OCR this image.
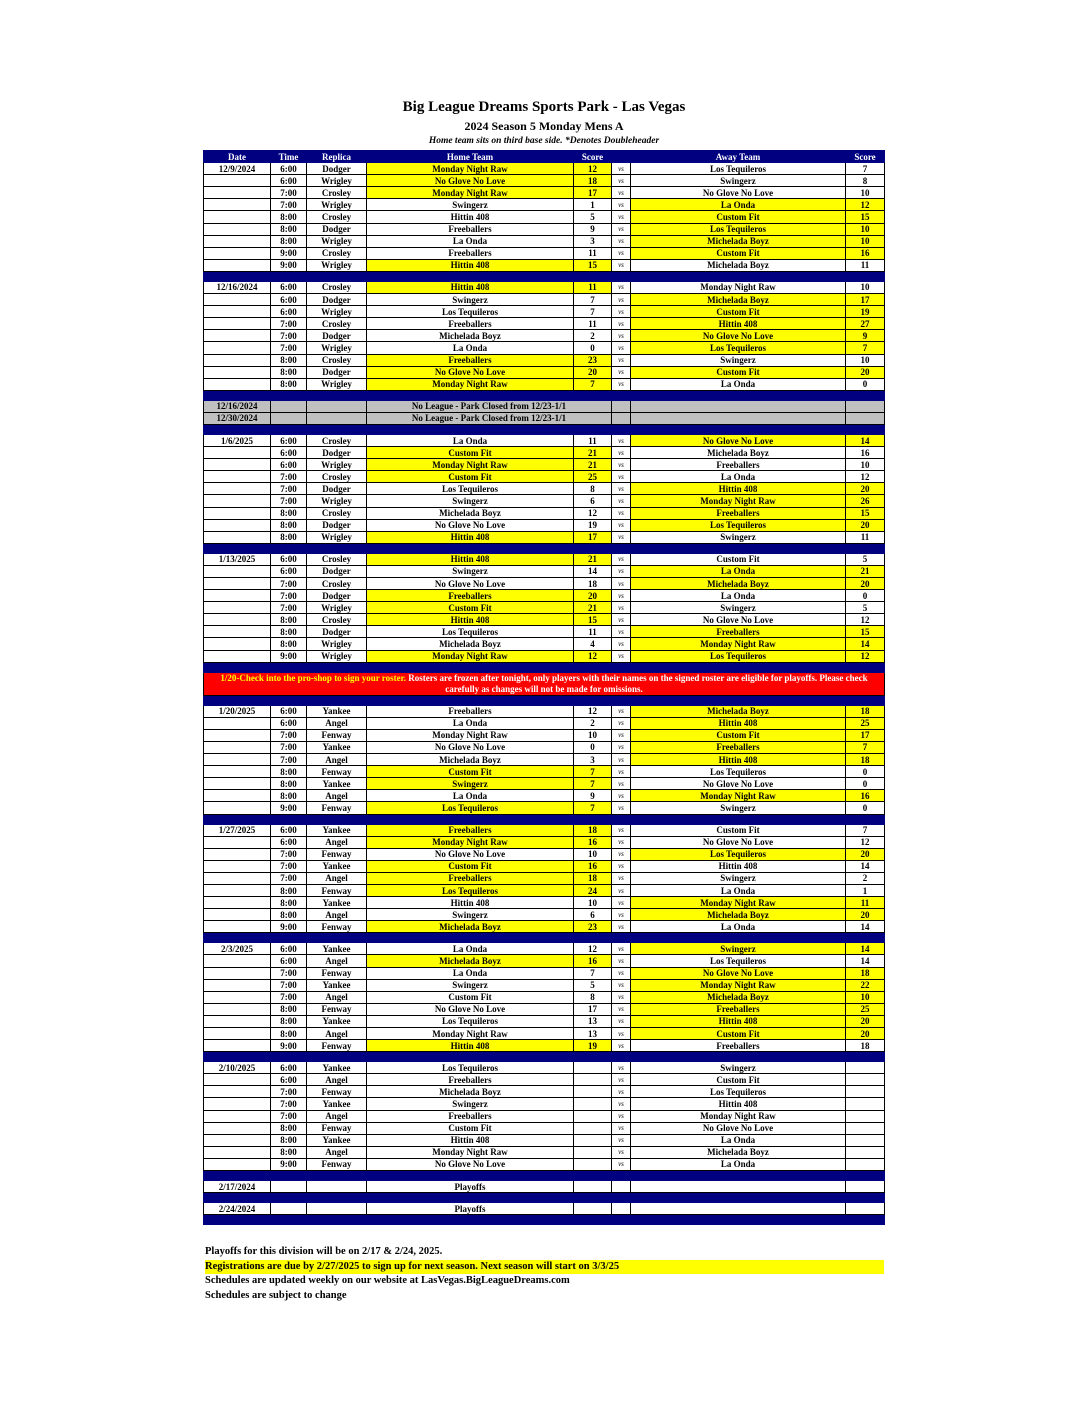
Big League Dreams Sports Park - Las Vegas
2024 Season 5 Monday Mens A
Home team sits on third base side. *Denotes Doubleheader
Date	Time	Replica	Home Team	Score		Away Team	Score
12/9/2024	6:00	Dodger	Monday Night Raw	12	vs	Los Tequileros	7
	6:00	Wrigley	No Glove No Love	18	vs	Swingerz	8
	7:00	Crosley	Monday Night Raw	17	vs	No Glove No Love	10
	7:00	Wrigley	Swingerz	1	vs	La Onda	12
	8:00	Crosley	Hittin 408	5	vs	Custom Fit	15
	8:00	Dodger	Freeballers	9	vs	Los Tequileros	10
	8:00	Wrigley	La Onda	3	vs	Michelada Boyz	10
	9:00	Crosley	Freeballers	11	vs	Custom Fit	16
	9:00	Wrigley	Hittin 408	15	vs	Michelada Boyz	11

12/16/2024	6:00	Crosley	Hittin 408	11	vs	Monday Night Raw	10
	6:00	Dodger	Swingerz	7	vs	Michelada Boyz	17
	6:00	Wrigley	Los Tequileros	7	vs	Custom Fit	19
	7:00	Crosley	Freeballers	11	vs	Hittin 408	27
	7:00	Dodger	Michelada Boyz	2	vs	No Glove No Love	9
	7:00	Wrigley	La Onda	0	vs	Los Tequileros	7
	8:00	Crosley	Freeballers	23	vs	Swingerz	10
	8:00	Dodger	No Glove No Love	20	vs	Custom Fit	20
	8:00	Wrigley	Monday Night Raw	7	vs	La Onda	0

12/16/2024			No League - Park Closed from 12/23-1/1				
12/30/2024			No League - Park Closed from 12/23-1/1				

1/6/2025	6:00	Crosley	La Onda	11	vs	No Glove No Love	14
	6:00	Dodger	Custom Fit	21	vs	Michelada Boyz	16
	6:00	Wrigley	Monday Night Raw	21	vs	Freeballers	10
	7:00	Crosley	Custom Fit	25	vs	La Onda	12
	7:00	Dodger	Los Tequileros	8	vs	Hittin 408	20
	7:00	Wrigley	Swingerz	6	vs	Monday Night Raw	26
	8:00	Crosley	Michelada Boyz	12	vs	Freeballers	15
	8:00	Dodger	No Glove No Love	19	vs	Los Tequileros	20
	8:00	Wrigley	Hittin 408	17	vs	Swingerz	11

1/13/2025	6:00	Crosley	Hittin 408	21	vs	Custom Fit	5
	6:00	Dodger	Swingerz	14	vs	La Onda	21
	7:00	Crosley	No Glove No Love	18	vs	Michelada Boyz	20
	7:00	Dodger	Freeballers	20	vs	La Onda	0
	7:00	Wrigley	Custom Fit	21	vs	Swingerz	5
	8:00	Crosley	Hittin 408	15	vs	No Glove No Love	12
	8:00	Dodger	Los Tequileros	11	vs	Freeballers	15
	8:00	Wrigley	Michelada Boyz	4	vs	Monday Night Raw	14
	9:00	Wrigley	Monday Night Raw	12	vs	Los Tequileros	12

1/20-Check into the pro-shop to sign your roster. Rosters are frozen after tonight, only players with their names on the signed roster are eligible for playoffs. Please check carefully as changes will not be made for omissions.							

1/20/2025	6:00	Yankee	Freeballers	12	vs	Michelada Boyz	18
	6:00	Angel	La Onda	2	vs	Hittin 408	25
	7:00	Fenway	Monday Night Raw	10	vs	Custom Fit	17
	7:00	Yankee	No Glove No Love	0	vs	Freeballers	7
	7:00	Angel	Michelada Boyz	3	vs	Hittin 408	18
	8:00	Fenway	Custom Fit	7	vs	Los Tequileros	0
	8:00	Yankee	Swingerz	7	vs	No Glove No Love	0
	8:00	Angel	La Onda	9	vs	Monday Night Raw	16
	9:00	Fenway	Los Tequileros	7	vs	Swingerz	0

1/27/2025	6:00	Yankee	Freeballers	18	vs	Custom Fit	7
	6:00	Angel	Monday Night Raw	16	vs	No Glove No Love	12
	7:00	Fenway	No Glove No Love	10	vs	Los Tequileros	20
	7:00	Yankee	Custom Fit	16	vs	Hittin 408	14
	7:00	Angel	Freeballers	18	vs	Swingerz	2
	8:00	Fenway	Los Tequileros	24	vs	La Onda	1
	8:00	Yankee	Hittin 408	10	vs	Monday Night Raw	11
	8:00	Angel	Swingerz	6	vs	Michelada Boyz	20
	9:00	Fenway	Michelada Boyz	23	vs	La Onda	14

2/3/2025	6:00	Yankee	La Onda	12	vs	Swingerz	14
	6:00	Angel	Michelada Boyz	16	vs	Los Tequileros	14
	7:00	Fenway	La Onda	7	vs	No Glove No Love	18
	7:00	Yankee	Swingerz	5	vs	Monday Night Raw	22
	7:00	Angel	Custom Fit	8	vs	Michelada Boyz	10
	8:00	Fenway	No Glove No Love	17	vs	Freeballers	25
	8:00	Yankee	Los Tequileros	13	vs	Hittin 408	20
	8:00	Angel	Monday Night Raw	13	vs	Custom Fit	20
	9:00	Fenway	Hittin 408	19	vs	Freeballers	18

2/10/2025	6:00	Yankee	Los Tequileros		vs	Swingerz	
	6:00	Angel	Freeballers		vs	Custom Fit	
	7:00	Fenway	Michelada Boyz		vs	Los Tequileros	
	7:00	Yankee	Swingerz		vs	Hittin 408	
	7:00	Angel	Freeballers		vs	Monday Night Raw	
	8:00	Fenway	Custom Fit		vs	No Glove No Love	
	8:00	Yankee	Hittin 408		vs	La Onda	
	8:00	Angel	Monday Night Raw		vs	Michelada Boyz	
	9:00	Fenway	No Glove No Love		vs	La Onda	

2/17/2024			Playoffs				

2/24/2024			Playoffs				

Playoffs for this division will be on 2/17 & 2/24, 2025.
Registrations are due by 2/27/2025 to sign up for next season. Next season will start on 3/3/25
Schedules are updated weekly on our website at LasVegas.BigLeagueDreams.com
Schedules are subject to change
